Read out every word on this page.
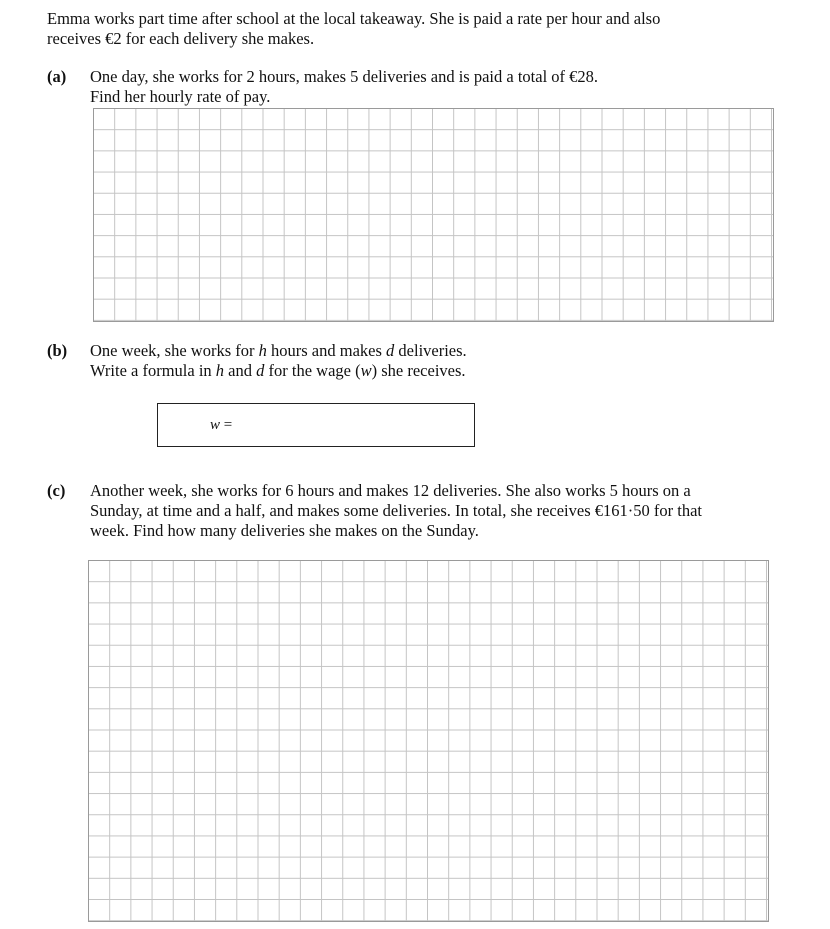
Emma works part time after school at the local takeaway. She is paid a rate per hour and also
receives €2 for each delivery she makes.
(a) One day, she works for 2 hours, makes 5 deliveries and is paid a total of €28.
Find her hourly rate of pay.
(b) One week, she works for h hours and makes d deliveries.
Write a formula in h and d for the wage (w) she receives.
w =
(c) Another week, she works for 6 hours and makes 12 deliveries. She also works 5 hours on a
Sunday, at time and a half, and makes some deliveries. In total, she receives €161·50 for that
week. Find how many deliveries she makes on the Sunday.
